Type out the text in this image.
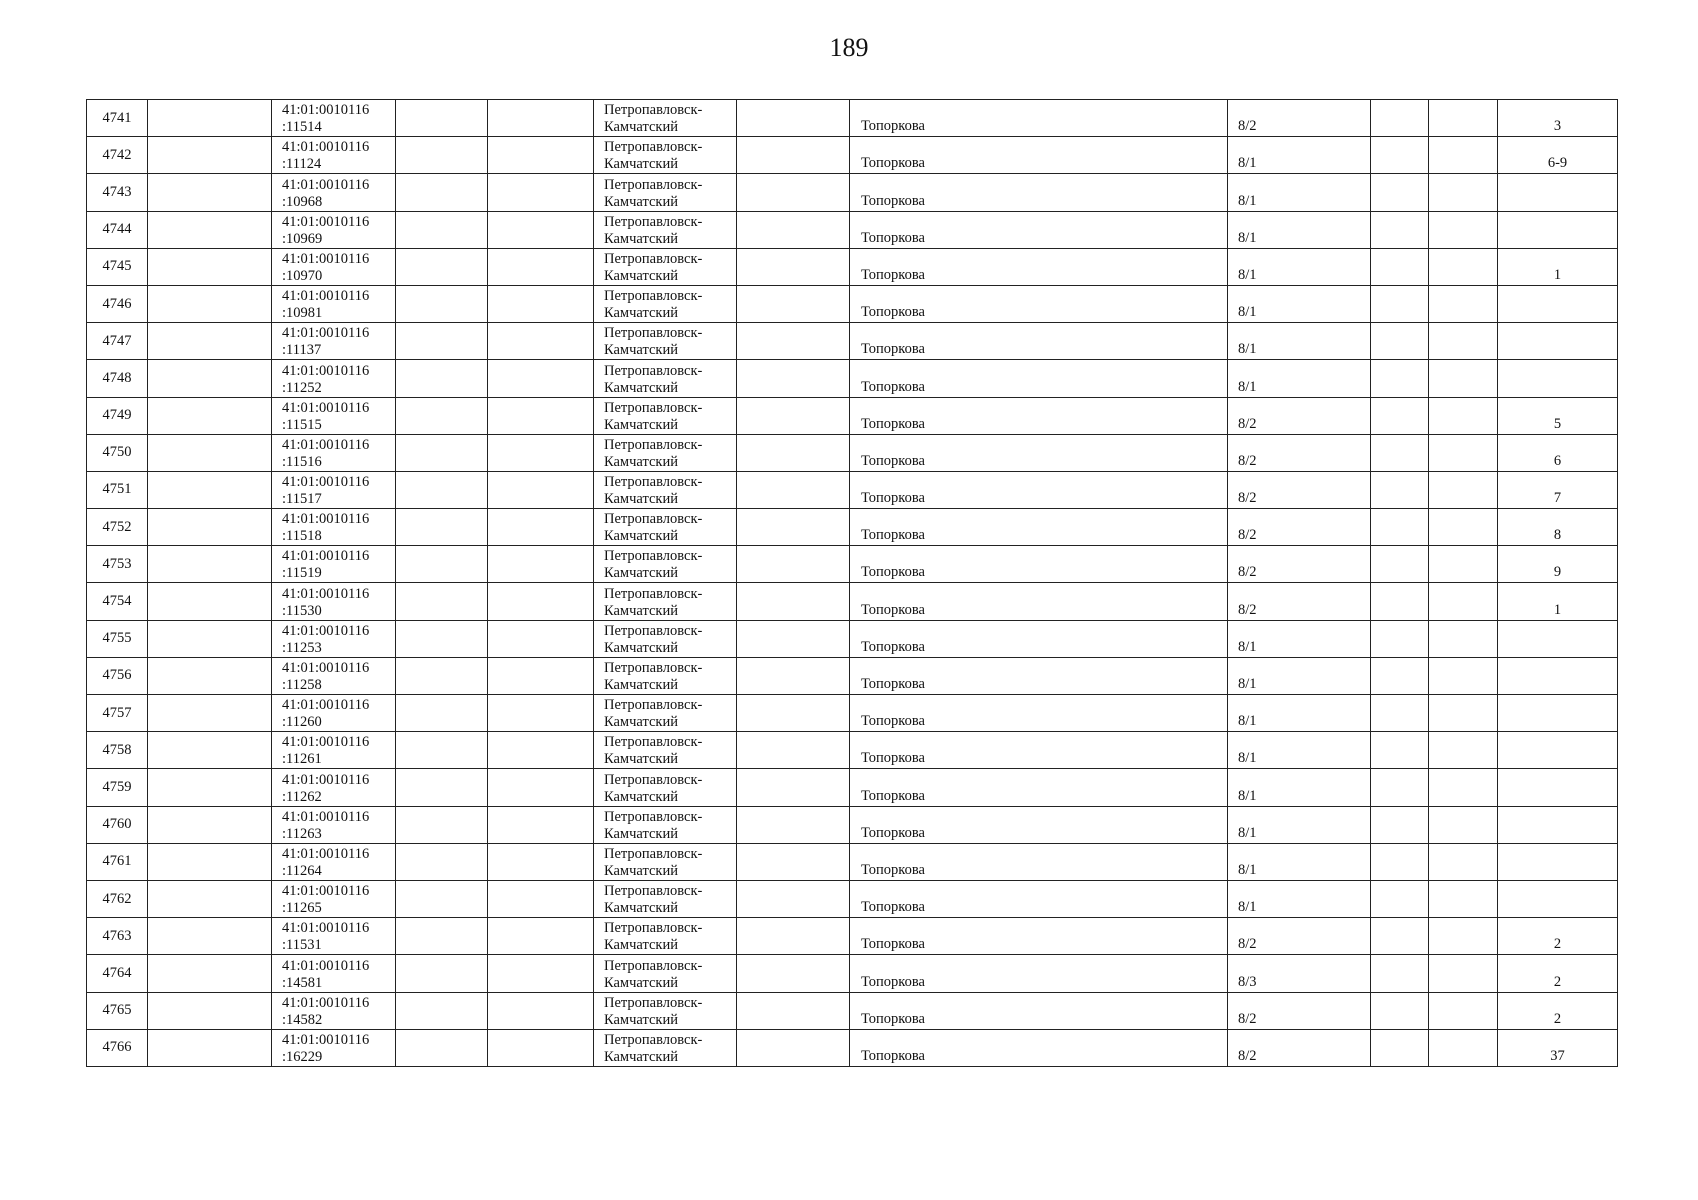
189
4741		41:01:0010116
:11514			Петропавловск-
Камчатский		Топоркова	8/2			3
4742		41:01:0010116
:11124			Петропавловск-
Камчатский		Топоркова	8/1			6-9
4743		41:01:0010116
:10968			Петропавловск-
Камчатский		Топоркова	8/1			
4744		41:01:0010116
:10969			Петропавловск-
Камчатский		Топоркова	8/1			
4745		41:01:0010116
:10970			Петропавловск-
Камчатский		Топоркова	8/1			1
4746		41:01:0010116
:10981			Петропавловск-
Камчатский		Топоркова	8/1			
4747		41:01:0010116
:11137			Петропавловск-
Камчатский		Топоркова	8/1			
4748		41:01:0010116
:11252			Петропавловск-
Камчатский		Топоркова	8/1			
4749		41:01:0010116
:11515			Петропавловск-
Камчатский		Топоркова	8/2			5
4750		41:01:0010116
:11516			Петропавловск-
Камчатский		Топоркова	8/2			6
4751		41:01:0010116
:11517			Петропавловск-
Камчатский		Топоркова	8/2			7
4752		41:01:0010116
:11518			Петропавловск-
Камчатский		Топоркова	8/2			8
4753		41:01:0010116
:11519			Петропавловск-
Камчатский		Топоркова	8/2			9
4754		41:01:0010116
:11530			Петропавловск-
Камчатский		Топоркова	8/2			1
4755		41:01:0010116
:11253			Петропавловск-
Камчатский		Топоркова	8/1			
4756		41:01:0010116
:11258			Петропавловск-
Камчатский		Топоркова	8/1			
4757		41:01:0010116
:11260			Петропавловск-
Камчатский		Топоркова	8/1			
4758		41:01:0010116
:11261			Петропавловск-
Камчатский		Топоркова	8/1			
4759		41:01:0010116
:11262			Петропавловск-
Камчатский		Топоркова	8/1			
4760		41:01:0010116
:11263			Петропавловск-
Камчатский		Топоркова	8/1			
4761		41:01:0010116
:11264			Петропавловск-
Камчатский		Топоркова	8/1			
4762		41:01:0010116
:11265			Петропавловск-
Камчатский		Топоркова	8/1			
4763		41:01:0010116
:11531			Петропавловск-
Камчатский		Топоркова	8/2			2
4764		41:01:0010116
:14581			Петропавловск-
Камчатский		Топоркова	8/3			2
4765		41:01:0010116
:14582			Петропавловск-
Камчатский		Топоркова	8/2			2
4766		41:01:0010116
:16229			Петропавловск-
Камчатский		Топоркова	8/2			37
